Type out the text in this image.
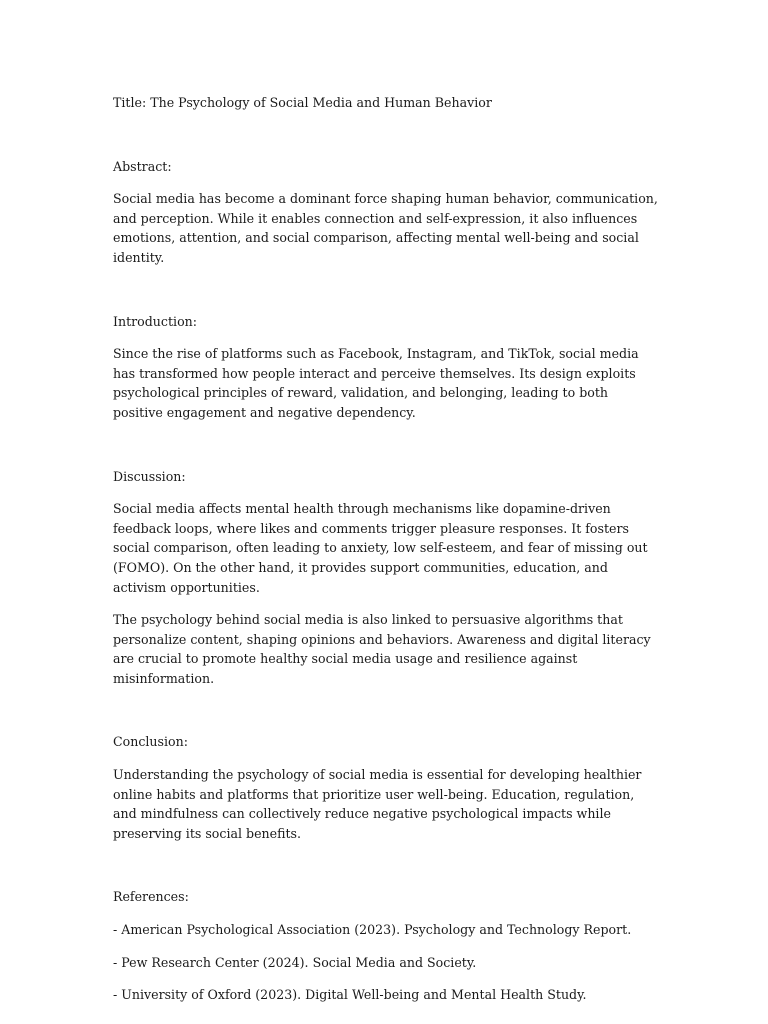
Title: The Psychology of Social Media and Human Behavior

Abstract:

Social media has become a dominant force shaping human behavior, communication, and perception. While it enables connection and self-expression, it also influences emotions, attention, and social comparison, affecting mental well-being and social identity.

Introduction:

Since the rise of platforms such as Facebook, Instagram, and TikTok, social media has transformed how people interact and perceive themselves. Its design exploits psychological principles of reward, validation, and belonging, leading to both positive engagement and negative dependency.

Discussion:

Social media affects mental health through mechanisms like dopamine-driven feedback loops, where likes and comments trigger pleasure responses. It fosters social comparison, often leading to anxiety, low self-esteem, and fear of missing out (FOMO). On the other hand, it provides support communities, education, and activism opportunities.

The psychology behind social media is also linked to persuasive algorithms that personalize content, shaping opinions and behaviors. Awareness and digital literacy are crucial to promote healthy social media usage and resilience against misinformation.

Conclusion:

Understanding the psychology of social media is essential for developing healthier online habits and platforms that prioritize user well-being. Education, regulation, and mindfulness can collectively reduce negative psychological impacts while preserving its social benefits.

References:

- American Psychological Association (2023). Psychology and Technology Report.

- Pew Research Center (2024). Social Media and Society.

- University of Oxford (2023). Digital Well-being and Mental Health Study.
